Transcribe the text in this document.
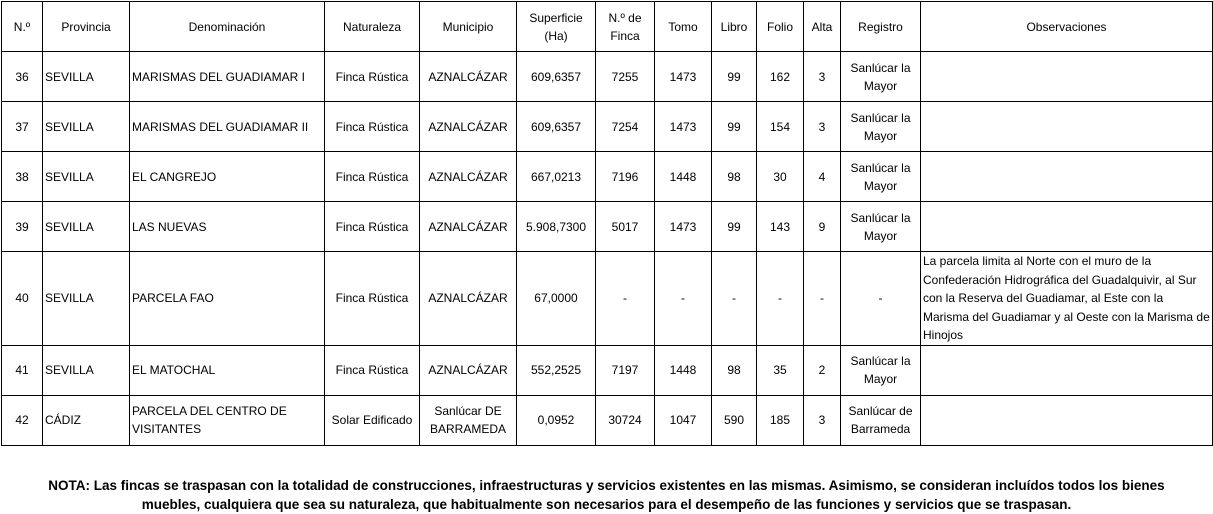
N.º	Provincia	Denominación	Naturaleza	Municipio	Superficie (Ha)	N.º de Finca	Tomo	Libro	Folio	Alta	Registro	Observaciones
36	SEVILLA	MARISMAS DEL GUADIAMAR I	Finca Rústica	AZNALCÁZAR	609,6357	7255	1473	99	162	3	Sanlúcar la Mayor	
37	SEVILLA	MARISMAS DEL GUADIAMAR II	Finca Rústica	AZNALCÁZAR	609,6357	7254	1473	99	154	3	Sanlúcar la Mayor	
38	SEVILLA	EL CANGREJO	Finca Rústica	AZNALCÁZAR	667,0213	7196	1448	98	30	4	Sanlúcar la Mayor	
39	SEVILLA	LAS NUEVAS	Finca Rústica	AZNALCÁZAR	5.908,7300	5017	1473	99	143	9	Sanlúcar la Mayor	
40	SEVILLA	PARCELA FAO	Finca Rústica	AZNALCÁZAR	67,0000	-	-	-	-	-	-	La parcela limita al Norte con el muro de la Confederación Hidrográfica del Guadalquivir, al Sur con la Reserva del Guadiamar, al Este con la Marisma del Guadiamar y al Oeste con la Marisma de Hinojos
41	SEVILLA	EL MATOCHAL	Finca Rústica	AZNALCÁZAR	552,2525	7197	1448	98	35	2	Sanlúcar la Mayor	
42	CÁDIZ	PARCELA DEL CENTRO DE VISITANTES	Solar Edificado	Sanlúcar DE BARRAMEDA	0,0952	30724	1047	590	185	3	Sanlúcar de Barrameda	
NOTA: Las fincas se traspasan con la totalidad de construcciones, infraestructuras y servicios existentes en las mismas. Asimismo, se consideran incluídos todos los bienes
muebles, cualquiera que sea su naturaleza, que habitualmente son necesarios para el desempeño de las funciones y servicios que se traspasan.
